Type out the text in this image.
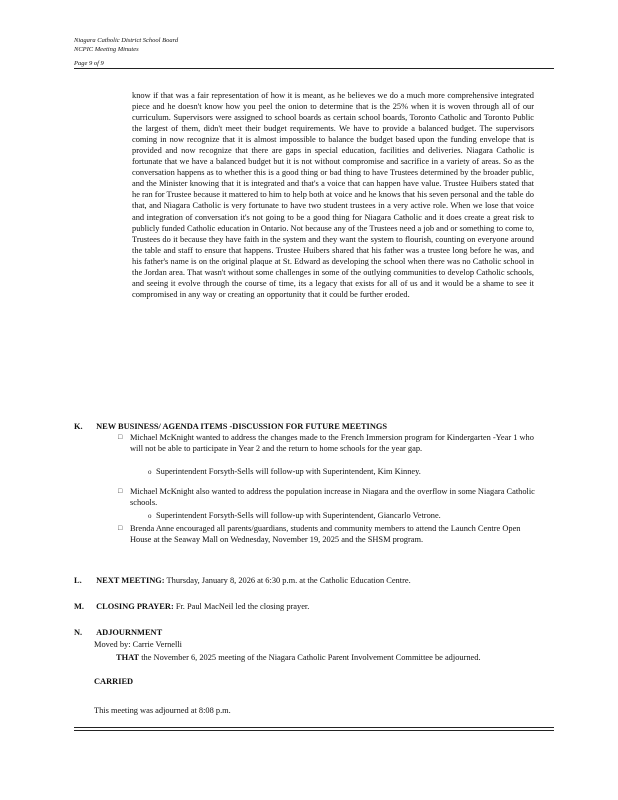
Niagara Catholic District School Board
NCPIC Meeting Minutes
Page 9 of 9

know if that was a fair representation of how it is meant, as he believes we do a much more comprehensive integrated piece and he doesn't know how you peel the onion to determine that is the 25% when it is woven through all of our curriculum. Supervisors were assigned to school boards as certain school boards, Toronto Catholic and Toronto Public the largest of them, didn't meet their budget requirements. We have to provide a balanced budget. The supervisors coming in now recognize that it is almost impossible to balance the budget based upon the funding envelope that is provided and now recognize that there are gaps in special education, facilities and deliveries. Niagara Catholic is fortunate that we have a balanced budget but it is not without compromise and sacrifice in a variety of areas. So as the conversation happens as to whether this is a good thing or bad thing to have Trustees determined by the broader public, and the Minister knowing that it is integrated and that's a voice that can happen have value. Trustee Huibers stated that he ran for Trustee because it mattered to him to help both at voice and he knows that his seven personal and the table do that, and Niagara Catholic is very fortunate to have two student trustees in a very active role. When we lose that voice and integration of conversation it's not going to be a good thing for Niagara Catholic and it does create a great risk to publicly funded Catholic education in Ontario. Not because any of the Trustees need a job and or something to come to, Trustees do it because they have faith in the system and they want the system to flourish, counting on everyone around the table and staff to ensure that happens. Trustee Huibers shared that his father was a trustee long before he was, and his father's name is on the original plaque at St. Edward as developing the school when there was no Catholic school in the Jordan area. That wasn't without some challenges in some of the outlying communities to develop Catholic schools, and seeing it evolve through the course of time, its a legacy that exists for all of us and it would be a shame to see it compromised in any way or creating an opportunity that it could be further eroded.

K. NEW BUSINESS/ AGENDA ITEMS -DISCUSSION FOR FUTURE MEETINGS
□ Michael McKnight wanted to address the changes made to the French Immersion program for Kindergarten -Year 1 who will not be able to participate in Year 2 and the return to home schools for the year gap.
o Superintendent Forsyth-Sells will follow-up with Superintendent, Kim Kinney.
□ Michael McKnight also wanted to address the population increase in Niagara and the overflow in some Niagara Catholic schools.
o Superintendent Forsyth-Sells will follow-up with Superintendent, Giancarlo Vetrone.
□ Brenda Anne encouraged all parents/guardians, students and community members to attend the Launch Centre Open House at the Seaway Mall on Wednesday, November 19, 2025 and the SHSM program.
L. NEXT MEETING: Thursday, January 8, 2026 at 6:30 p.m. at the Catholic Education Centre.
M. CLOSING PRAYER: Fr. Paul MacNeil led the closing prayer.
N. ADJOURNMENT
Moved by: Carrie Vernelli
THAT the November 6, 2025 meeting of the Niagara Catholic Parent Involvement Committee be adjourned.
CARRIED
This meeting was adjourned at 8:08 p.m.
